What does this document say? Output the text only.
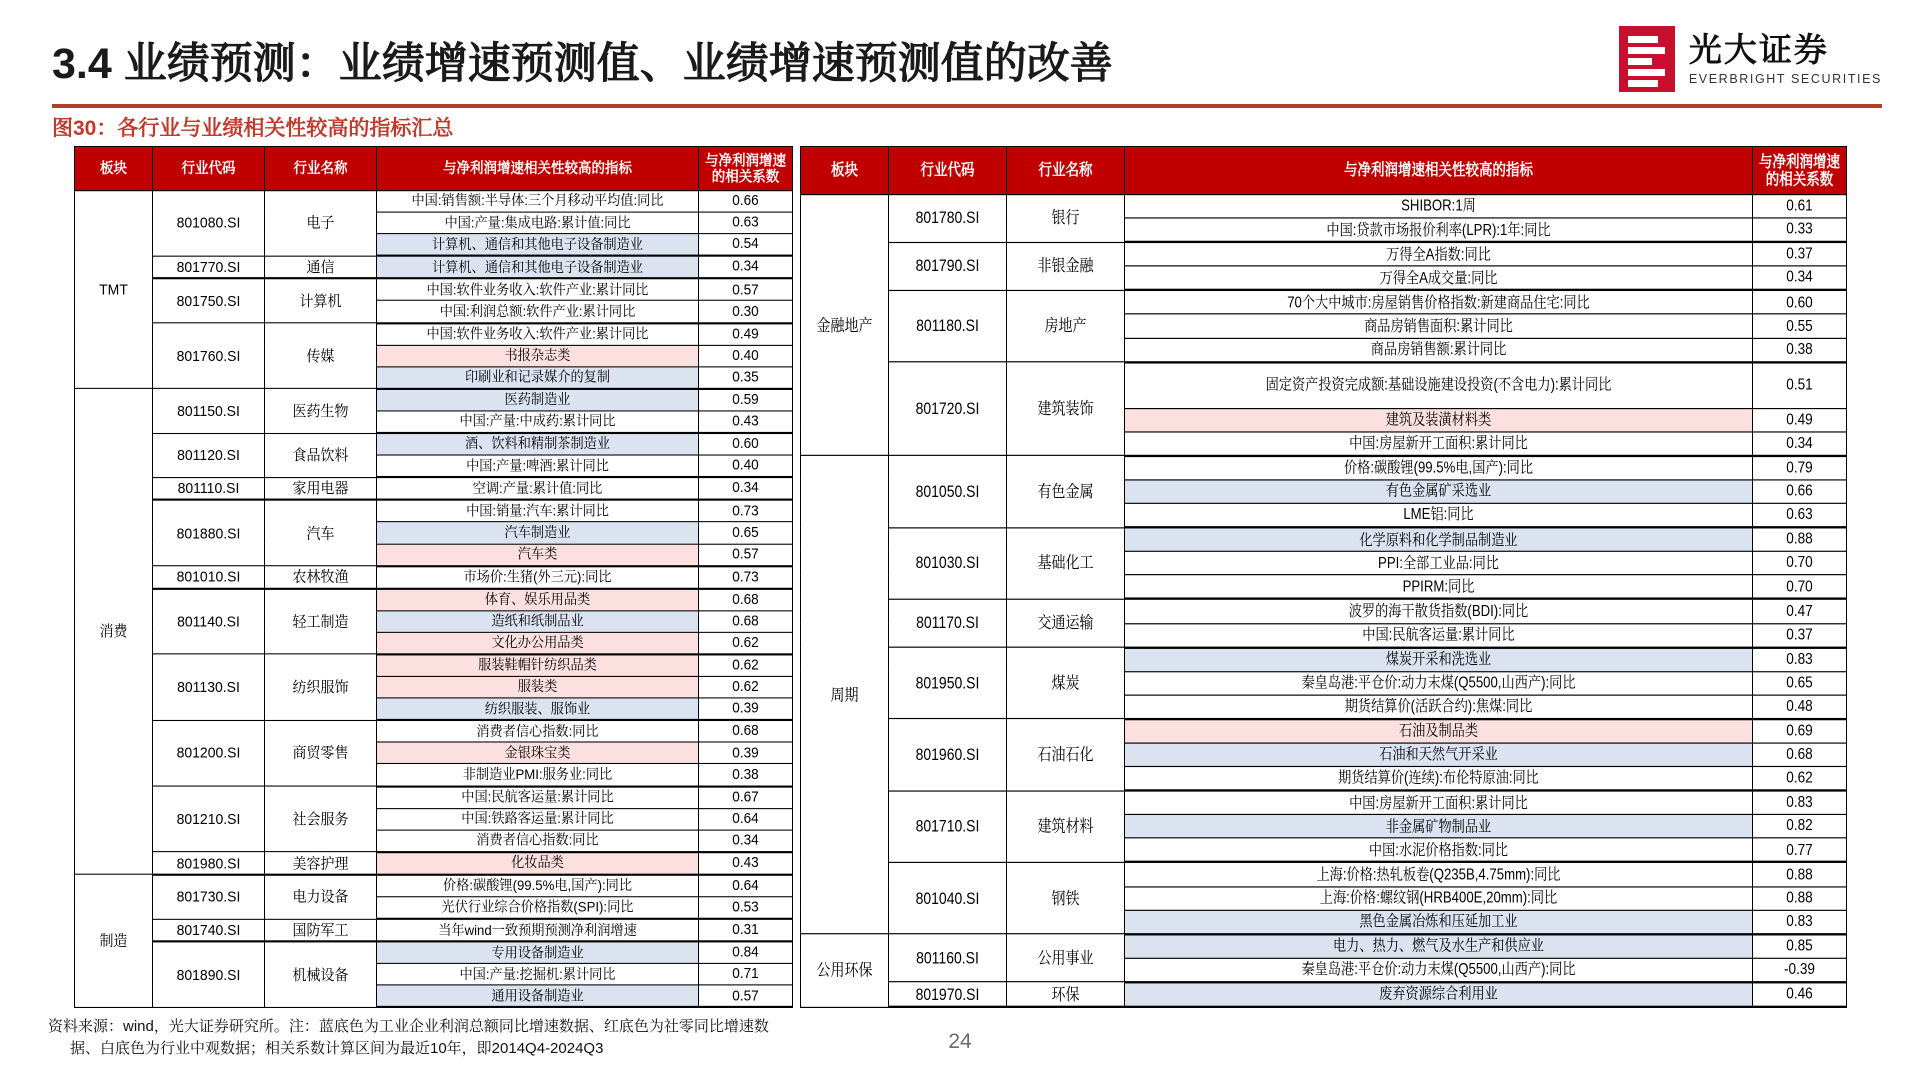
3.4 业绩预测：业绩增速预测值、业绩增速预测值的改善	光大证券
EVERBRIGHT SECURITIES
图30：各行业与业绩相关性较高的指标汇总
板块	行业代码	行业名称	与净利润增速相关性较高的指标	与净利润增速
的相关系数
TMT	801080.SI	电子	中国:销售额:半导体:三个月移动平均值:同比	0.66
			中国:产量:集成电路:累计值:同比	0.63
			计算机、通信和其他电子设备制造业	0.54
	801770.SI	通信	计算机、通信和其他电子设备制造业	0.34
	801750.SI	计算机	中国:软件业务收入:软件产业:累计同比	0.57
			中国:利润总额:软件产业:累计同比	0.30
	801760.SI	传媒	中国:软件业务收入:软件产业:累计同比	0.49
			书报杂志类	0.40
			印刷业和记录媒介的复制	0.35
消费	801150.SI	医药生物	医药制造业	0.59
			中国:产量:中成药:累计同比	0.43
	801120.SI	食品饮料	酒、饮料和精制茶制造业	0.60
			中国:产量:啤酒:累计同比	0.40
	801110.SI	家用电器	空调:产量:累计值:同比	0.34
	801880.SI	汽车	中国:销量:汽车:累计同比	0.73
			汽车制造业	0.65
			汽车类	0.57
	801010.SI	农林牧渔	市场价:生猪(外三元):同比	0.73
	801140.SI	轻工制造	体育、娱乐用品类	0.68
			造纸和纸制品业	0.68
			文化办公用品类	0.62
	801130.SI	纺织服饰	服装鞋帽针纺织品类	0.62
			服装类	0.62
			纺织服装、服饰业	0.39
	801200.SI	商贸零售	消费者信心指数:同比	0.68
			金银珠宝类	0.39
			非制造业PMI:服务业:同比	0.38
	801210.SI	社会服务	中国:民航客运量:累计同比	0.67
			中国:铁路客运量:累计同比	0.64
			消费者信心指数:同比	0.34
	801980.SI	美容护理	化妆品类	0.43
制造	801730.SI	电力设备	价格:碳酸锂(99.5%电,国产):同比	0.64
			光伏行业综合价格指数(SPI):同比	0.53
	801740.SI	国防军工	当年wind一致预期预测净利润增速	0.31
	801890.SI	机械设备	专用设备制造业	0.84
			中国:产量:挖掘机:累计同比	0.71
			通用设备制造业	0.57
板块	行业代码	行业名称	与净利润增速相关性较高的指标	与净利润增速
的相关系数
金融地产	801780.SI	银行	SHIBOR:1周	0.61
			中国:贷款市场报价利率(LPR):1年:同比	0.33
	801790.SI	非银金融	万得全A指数:同比	0.37
			万得全A成交量:同比	0.34
	801180.SI	房地产	70个大中城市:房屋销售价格指数:新建商品住宅:同比	0.60
			商品房销售面积:累计同比	0.55
			商品房销售额:累计同比	0.38
	801720.SI	建筑装饰	固定资产投资完成额:基础设施建设投资(不含电力):累计同比	0.51
			建筑及装潢材料类	0.49
			中国:房屋新开工面积:累计同比	0.34
周期	801050.SI	有色金属	价格:碳酸锂(99.5%电,国产):同比	0.79
			有色金属矿采选业	0.66
			LME铝:同比	0.63
	801030.SI	基础化工	化学原料和化学制品制造业	0.88
			PPI:全部工业品:同比	0.70
			PPIRM:同比	0.70
	801170.SI	交通运输	波罗的海干散货指数(BDI):同比	0.47
			中国:民航客运量:累计同比	0.37
	801950.SI	煤炭	煤炭开采和洗选业	0.83
			秦皇岛港:平仓价:动力末煤(Q5500,山西产):同比	0.65
			期货结算价(活跃合约):焦煤:同比	0.48
	801960.SI	石油石化	石油及制品类	0.69
			石油和天然气开采业	0.68
			期货结算价(连续):布伦特原油:同比	0.62
	801710.SI	建筑材料	中国:房屋新开工面积:累计同比	0.83
			非金属矿物制品业	0.82
			中国:水泥价格指数:同比	0.77
	801040.SI	钢铁	上海:价格:热轧板卷(Q235B,4.75mm):同比	0.88
			上海:价格:螺纹钢(HRB400E,20mm):同比	0.88
			黑色金属冶炼和压延加工业	0.83
公用环保	801160.SI	公用事业	电力、热力、燃气及水生产和供应业	0.85
			秦皇岛港:平仓价:动力末煤(Q5500,山西产):同比	-0.39
	801970.SI	环保	废弃资源综合利用业	0.46
资料来源：wind，光大证券研究所。注：蓝底色为工业企业利润总额同比增速数据、红底色为社零同比增速数
据、白底色为行业中观数据；相关系数计算区间为最近10年，即2014Q4-2024Q3	24
